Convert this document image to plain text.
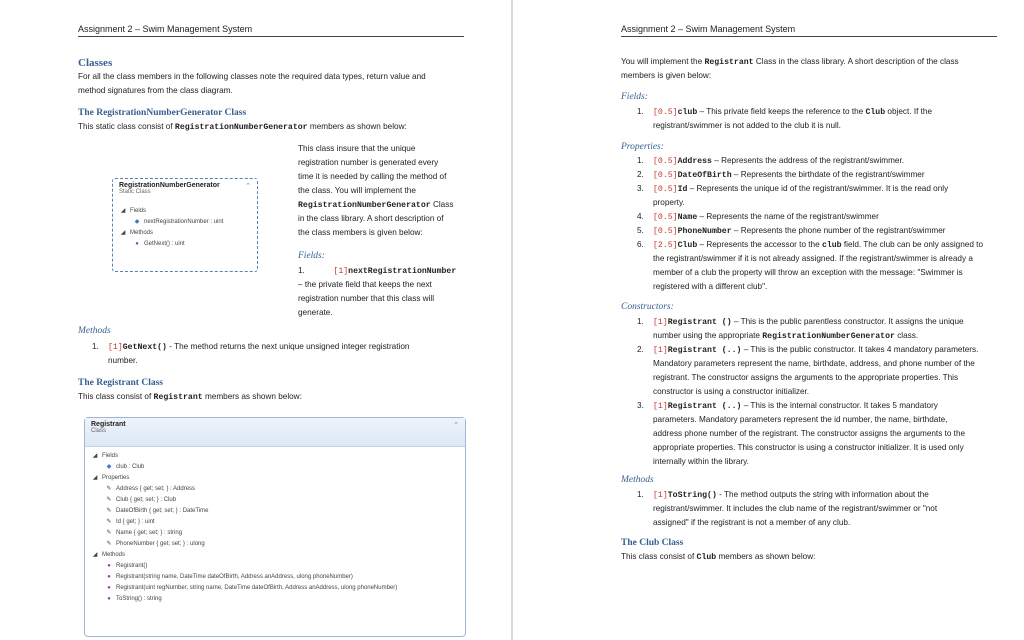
Assignment 2 – Swim Management System
Classes
For all the class members in the following classes note the required data types, return value and
method signatures from the class diagram.
The RegistrationNumberGenerator Class
This static class consist of RegistrationNumberGenerator members as shown below:
This class insure that the unique
registration number is generated every
time it is needed by calling the method of
the class. You will implement the
RegistrationNumberGenerator Class
in the class library. A short description of
the class members is given below:
Fields:
1.	[1]nextRegistrationNumber
– the private field that keeps the next
registration number that this class will
generate.
RegistrationNumberGenerator
Static Class
⌃
◢ Fields
◆ nextRegistrationNumber : uint
◢ Methods
● GetNext() : uint
Methods
1. [1]GetNext() - The method returns the next unique unsigned integer registration
number.
The Registrant Class
This class consist of Registrant members as shown below:
Registrant
Class
⌃
◢ Fields
◆ club : Club
◢ Properties
✎ Address { get; set; } : Address
✎ Club { get; set; } : Club
✎ DateOfBirth { get; set; } : DateTime
✎ Id { get; } : uint
✎ Name { get; set; } : string
✎ PhoneNumber { get; set; } : ulong
◢ Methods
● Registrant()
● Registrant(string name, DateTime dateOfBirth, Address anAddress, ulong phoneNumber)
● Registrant(uint regNumber, string name, DateTime dateOfBirth, Address anAddress, ulong phoneNumber)
● ToString() : string
Assignment 2 – Swim Management System
You will implement the Registrant Class in the class library. A short description of the class
members is given below:
Fields:
1. [0.5]club – This private field keeps the reference to the Club object. If the
registrant/swimmer is not added to the club it is null.
Properties:
1. [0.5]Address – Represents the address of the registrant/swimmer.
2. [0.5]DateOfBirth – Represents the birthdate of the registrant/swimmer
3. [0.5]Id – Represents the unique id of the registrant/swimmer. It is the read only
property.
4. [0.5]Name – Represents the name of the registrant/swimmer
5. [0.5]PhoneNumber – Represents the phone number of the registrant/swimmer
6. [2.5]Club – Represents the accessor to the club field. The club can be only assigned to
the registrant/swimmer if it is not already assigned. If the registrant/swimmer is already a
member of a club the property will throw an exception with the message: "Swimmer is
registered with a different club".
Constructors:
1. [1]Registrant () – This is the public parentless constructor. It assigns the unique
number using the appropriate RegistrationNumberGenerator class.
2. [1]Registrant (..) – This is the public constructor. It takes 4 mandatory parameters.
Mandatory parameters represent the name, birthdate, address, and phone number of the
registrant. The constructor assigns the arguments to the appropriate properties. This
constructor is using a constructor initializer.
3. [1]Registrant (..) – This is the internal constructor. It takes 5 mandatory
parameters. Mandatory parameters represent the id number, the name, birthdate,
address phone number of the registrant. The constructor assigns the arguments to the
appropriate properties. This constructor is using a constructor initializer. It is used only
internally within the library.
Methods
1. [1]ToString() - The method outputs the string with information about the
registrant/swimmer. It includes the club name of the registrant/swimmer or "not
assigned" if the registrant is not a member of any club.
The Club Class
This class consist of Club members as shown below:
